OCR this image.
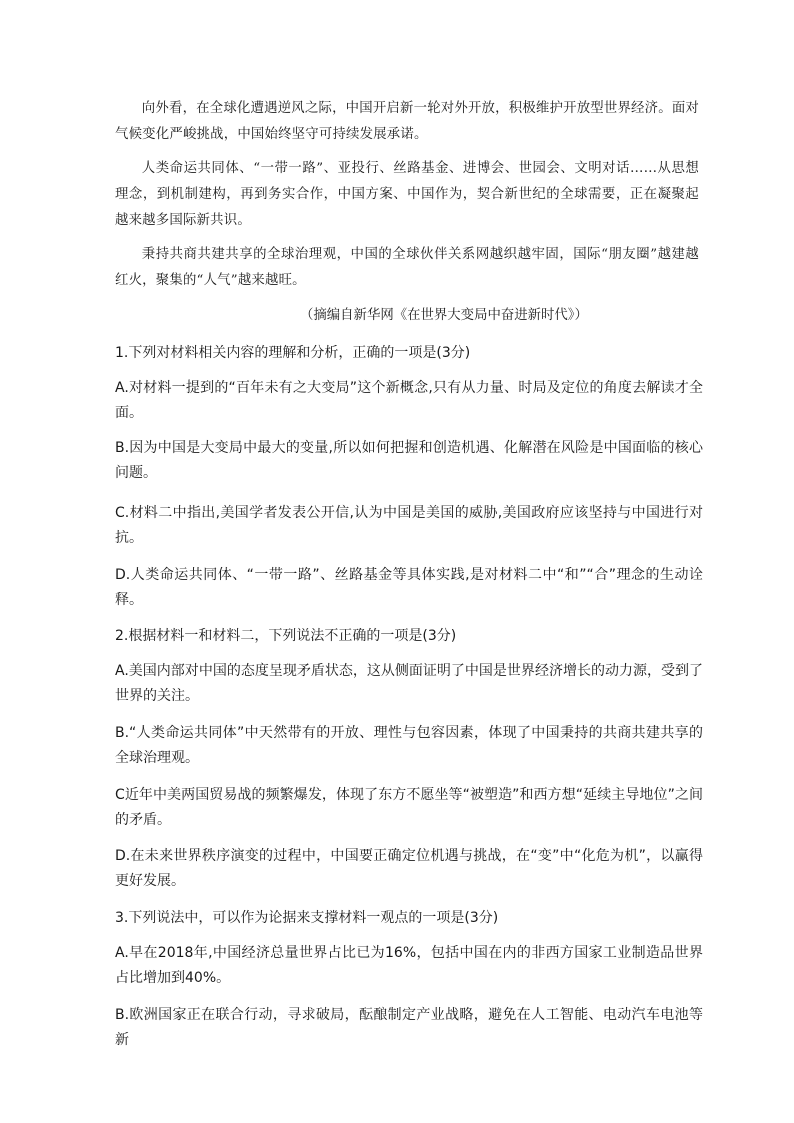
向外看，在全球化遭遇逆风之际，中国开启新一轮对外开放，积极维护开放型世界经济。面对气候变化严峻挑战，中国始终坚守可持续发展承诺。

人类命运共同体、“一带一路”、亚投行、丝路基金、进博会、世园会、文明对话……从思想理念，到机制建构，再到务实合作，中国方案、中国作为，契合新世纪的全球需要，正在凝聚起越来越多国际新共识。

秉持共商共建共享的全球治理观，中国的全球伙伴关系网越织越牢固，国际“朋友圈”越建越红火，聚集的“人气”越来越旺。

（摘编自新华网《在世界大变局中奋进新时代》）

1.下列对材料相关内容的理解和分析，正确的一项是(3分)

A.对材料一提到的“百年未有之大变局”这个新概念,只有从力量、时局及定位的角度去解读才全面。

B.因为中国是大变局中最大的变量,所以如何把握和创造机遇、化解潜在风险是中国面临的核心问题。

C.材料二中指出,美国学者发表公开信,认为中国是美国的威胁,美国政府应该坚持与中国进行对抗。

D.人类命运共同体、“一带一路”、丝路基金等具体实践,是对材料二中“和”“合”理念的生动诠释。

2.根据材料一和材料二，下列说法不正确的一项是(3分)

A.美国内部对中国的态度呈现矛盾状态，这从侧面证明了中国是世界经济增长的动力源，受到了世界的关注。

B.“人类命运共同体”中天然带有的开放、理性与包容因素，体现了中国秉持的共商共建共享的全球治理观。

C近年中美两国贸易战的频繁爆发，体现了东方不愿坐等“被塑造”和西方想“延续主导地位”之间的矛盾。

D.在未来世界秩序演变的过程中，中国要正确定位机遇与挑战，在“变”中“化危为机”，以赢得更好发展。

3.下列说法中，可以作为论据来支撑材料一观点的一项是(3分)

A.早在2018年,中国经济总量世界占比已为16%，包括中国在内的非西方国家工业制造品世界占比增加到40%。

B.欧洲国家正在联合行动，寻求破局，酝酿制定产业战略，避免在人工智能、电动汽车电池等新
